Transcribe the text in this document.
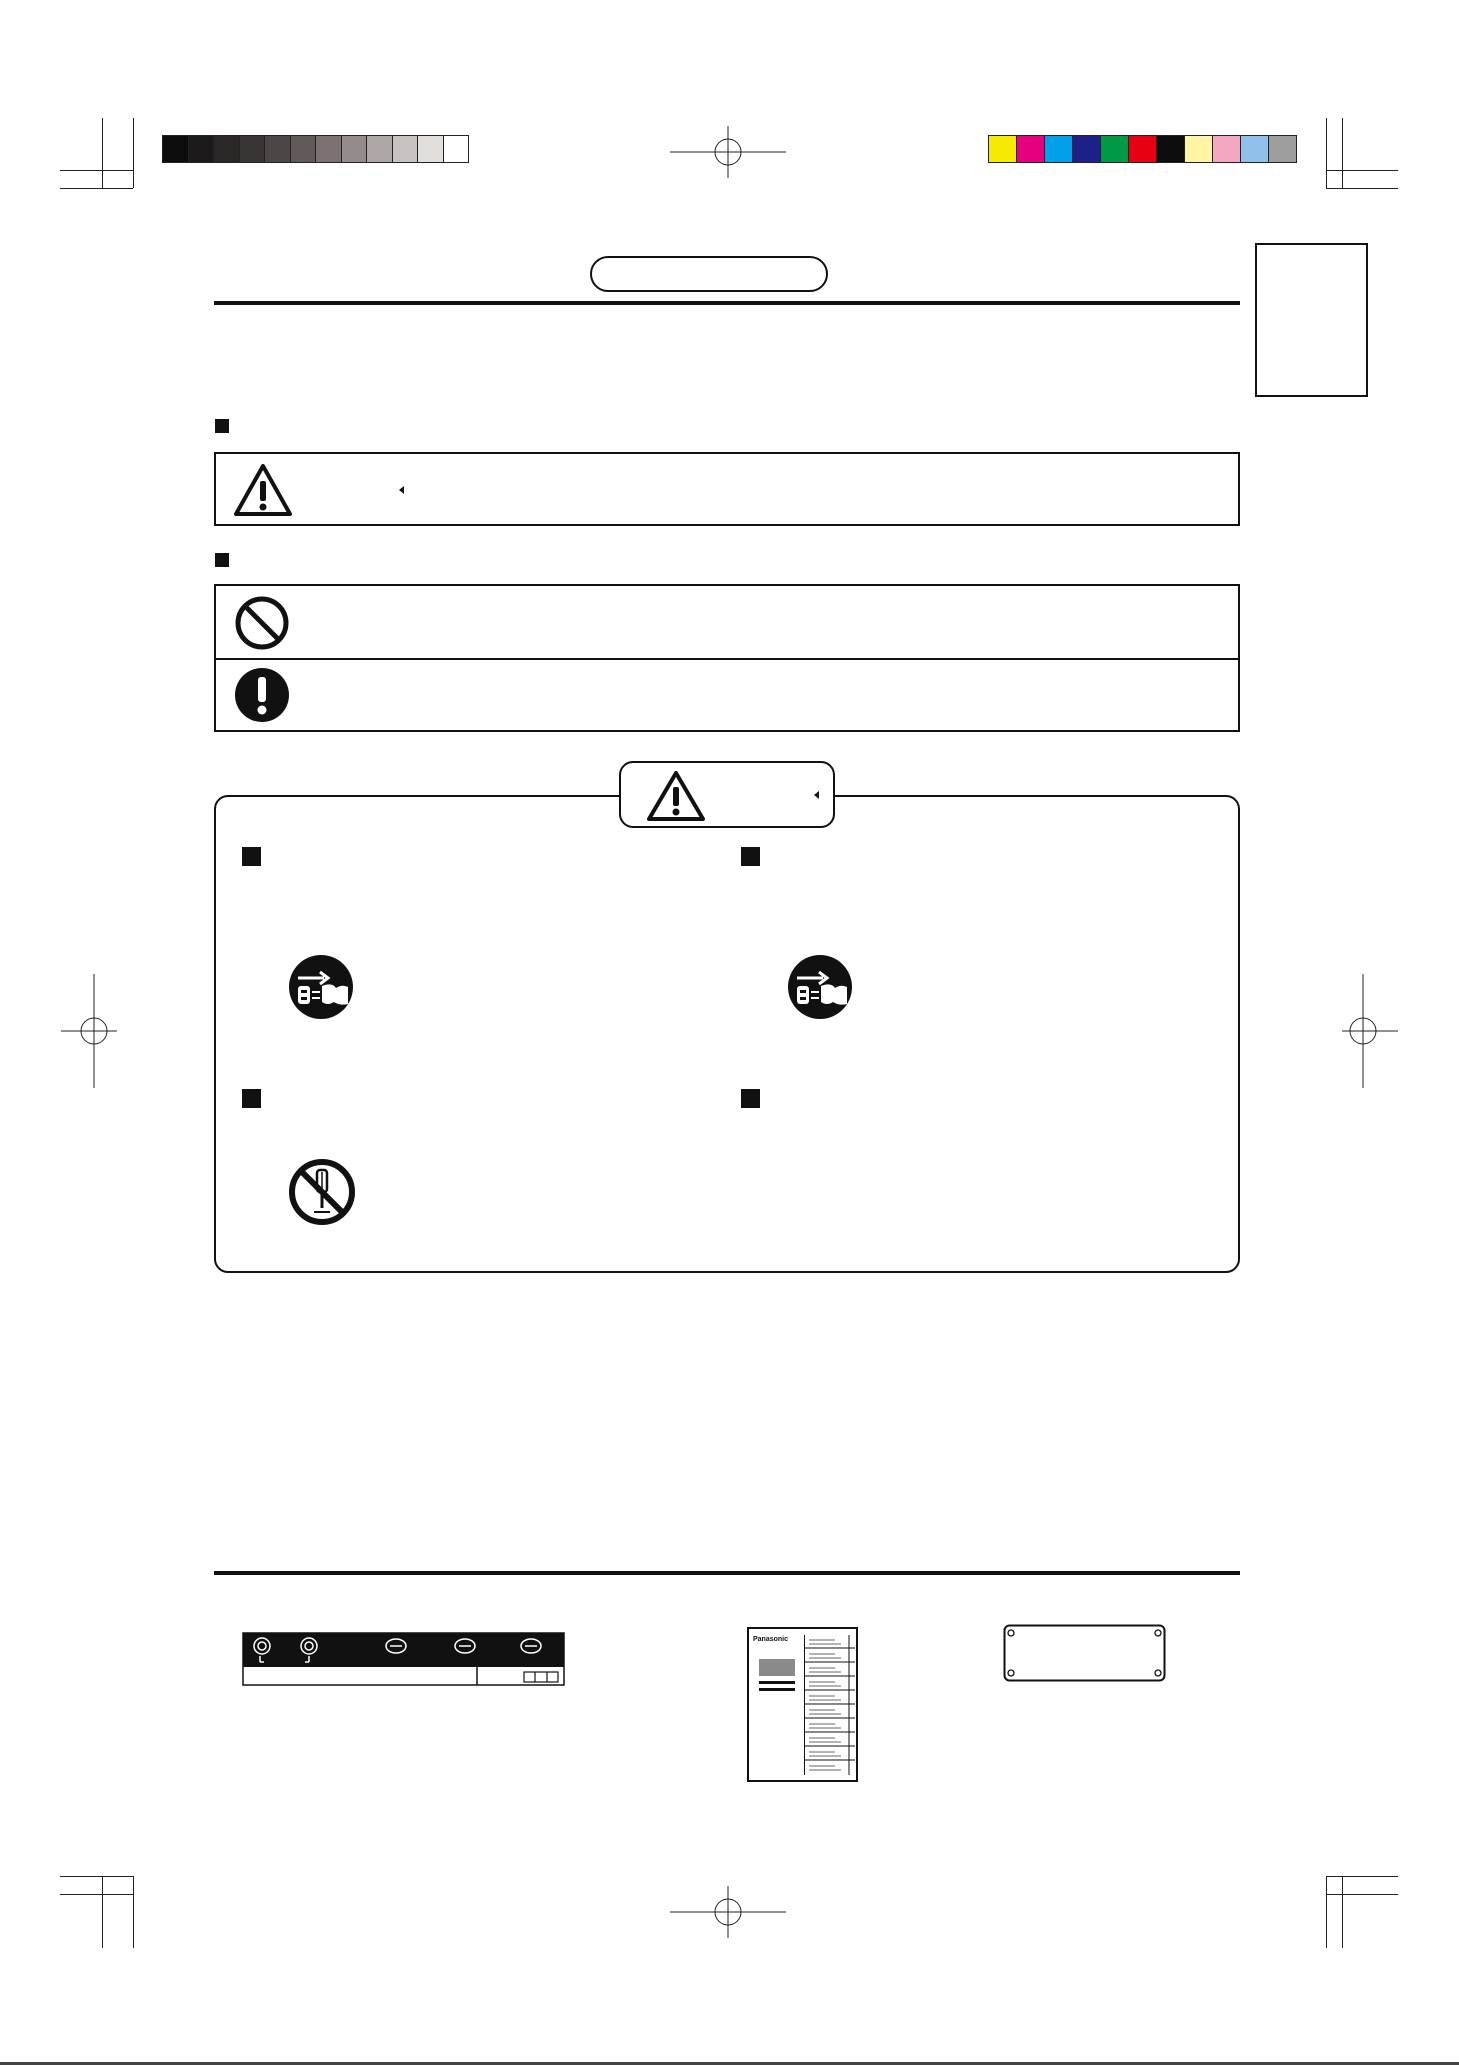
Panasonic
